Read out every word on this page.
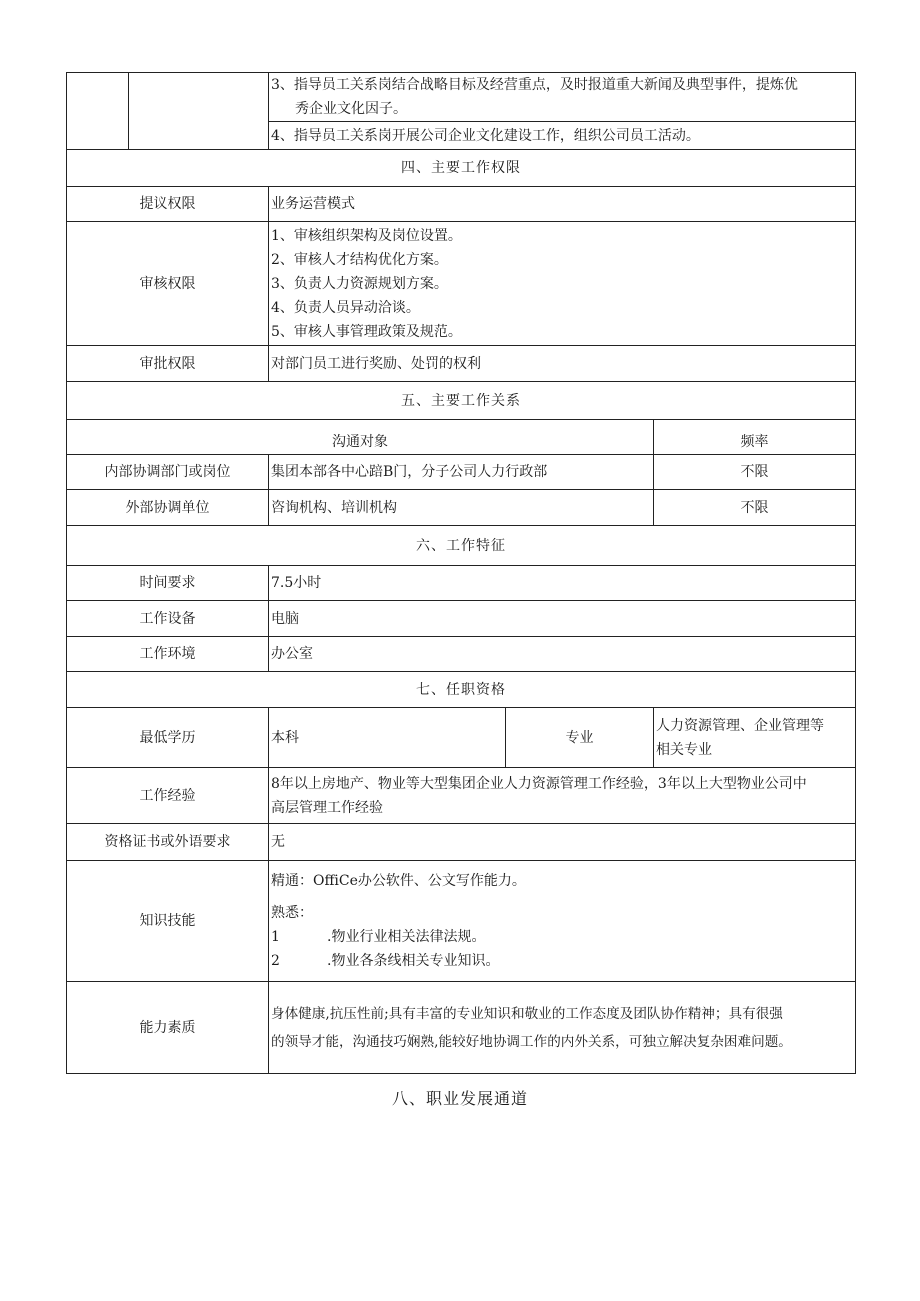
		3、指导员工关系岗结合战略目标及经营重点，及时报道重大新闻及典型事件，提炼优
秀企业文化因子。		

		4、指导员工关系岗开展公司企业文化建设工作，组织公司员工活动。		
四、主要工作权限				
提议权限		业务运营模式		
审核权限		1、审核组织架构及岗位设置。
2、审核人才结构优化方案。
3、负责人力资源规划方案。
4、负责人员异动洽谈。
5、审核人事管理政策及规范。		

审批权限		对部门员工进行奖励、处罚的权利		
五、主要工作关系				
沟通对象				频率
内部协调部门或岗位		集团本部各中心踣B门，分子公司人力行政部		不限
外部协调单位		咨询机构、培训机构		不限
六、工作特征				
时间要求		7.5小时		
工作设备		电脑		
工作环境		办公室		
七、任职资格				
最低学历		本科	专业	人力资源管理、企业管理等
相关专业

工作经验		8年以上房地产、物业等大型集团企业人力资源管理工作经验，3年以上大型物业公司中
高层管理工作经验		

资格证书或外语要求		无		
知识技能		精通：OffiCe办公软件、公文写作能力。
熟悉：
1 .物业行业相关法律法规。
2 .物业各条线相关专业知识。		

能力素质		身体健康,抗压性前;具有丰富的专业知识和敬业的工作态度及团队协作精神；具有很强
的领导才能，沟通技巧娴熟,能较好地协调工作的内外关系，可独立解决复杂困难问题。		
八、职业发展通道
